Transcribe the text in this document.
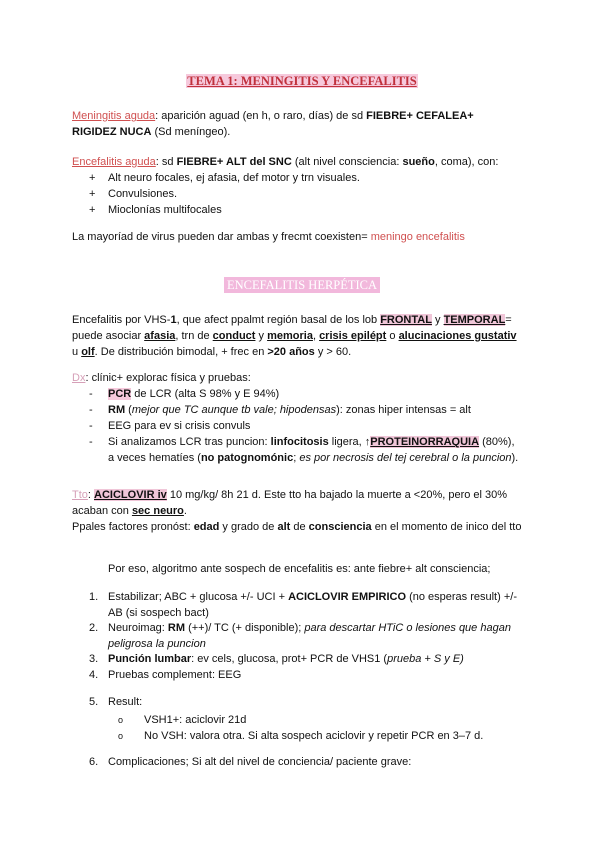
TEMA 1: MENINGITIS Y ENCEFALITIS

Meningitis aguda: aparición aguad (en h, o raro, días) de sd FIEBRE+ CEFALEA+
RIGIDEZ NUCA (Sd meníngeo).

Encefalitis aguda: sd FIEBRE+ ALT del SNC (alt nivel consciencia: sueño, coma), con:

+ Alt neuro focales, ej afasia, def motor y trn visuales.
+ Convulsiones.
+ Mioclonías multifocales

La mayoríad de virus pueden dar ambas y frecmt coexisten= meningo encefalitis

ENCEFALITIS HERPÉTICA

Encefalitis por VHS-1, que afect ppalmt región basal de los lob FRONTAL y TEMPORAL=
puede asociar afasia, trn de conduct y memoria, crisis epilépt o alucinaciones gustativ
u olf. De distribución bimodal, + frec en >20 años y > 60.

Dx: clínic+ explorac física y pruebas:

- PCR de LCR (alta S 98% y E 94%)
- RM (mejor que TC aunque tb vale; hipodensas): zonas hiper intensas = alt
- EEG para ev si crisis convuls
- Si analizamos LCR tras puncion: linfocitosis ligera, ↑PROTEINORRAQUIA (80%),
a veces hematíes (no patognomónic; es por necrosis del tej cerebral o la puncion).

Tto: ACICLOVIR iv 10 mg/kg/ 8h 21 d. Este tto ha bajado la muerte a <20%, pero el 30%
acaban con sec neuro.
Ppales factores pronóst: edad y grado de alt de consciencia en el momento de inico del tto

Por eso, algoritmo ante sospech de encefalitis es: ante fiebre+ alt consciencia;

1. Estabilizar; ABC + glucosa +/- UCI + ACICLOVIR EMPIRICO (no esperas result) +/-
AB (si sospech bact)
2. Neuroimag: RM (++)/ TC (+ disponible); para descartar HTiC o lesiones que hagan
peligrosa la puncion
3. Punción lumbar: ev cels, glucosa, prot+ PCR de VHS1 (prueba + S y E)
4. Pruebas complement: EEG
5. Result:
o VSH1+: aciclovir 21d
o No VSH: valora otra. Si alta sospech aciclovir y repetir PCR en 3–7 d.
6. Complicaciones; Si alt del nivel de conciencia/ paciente grave:
